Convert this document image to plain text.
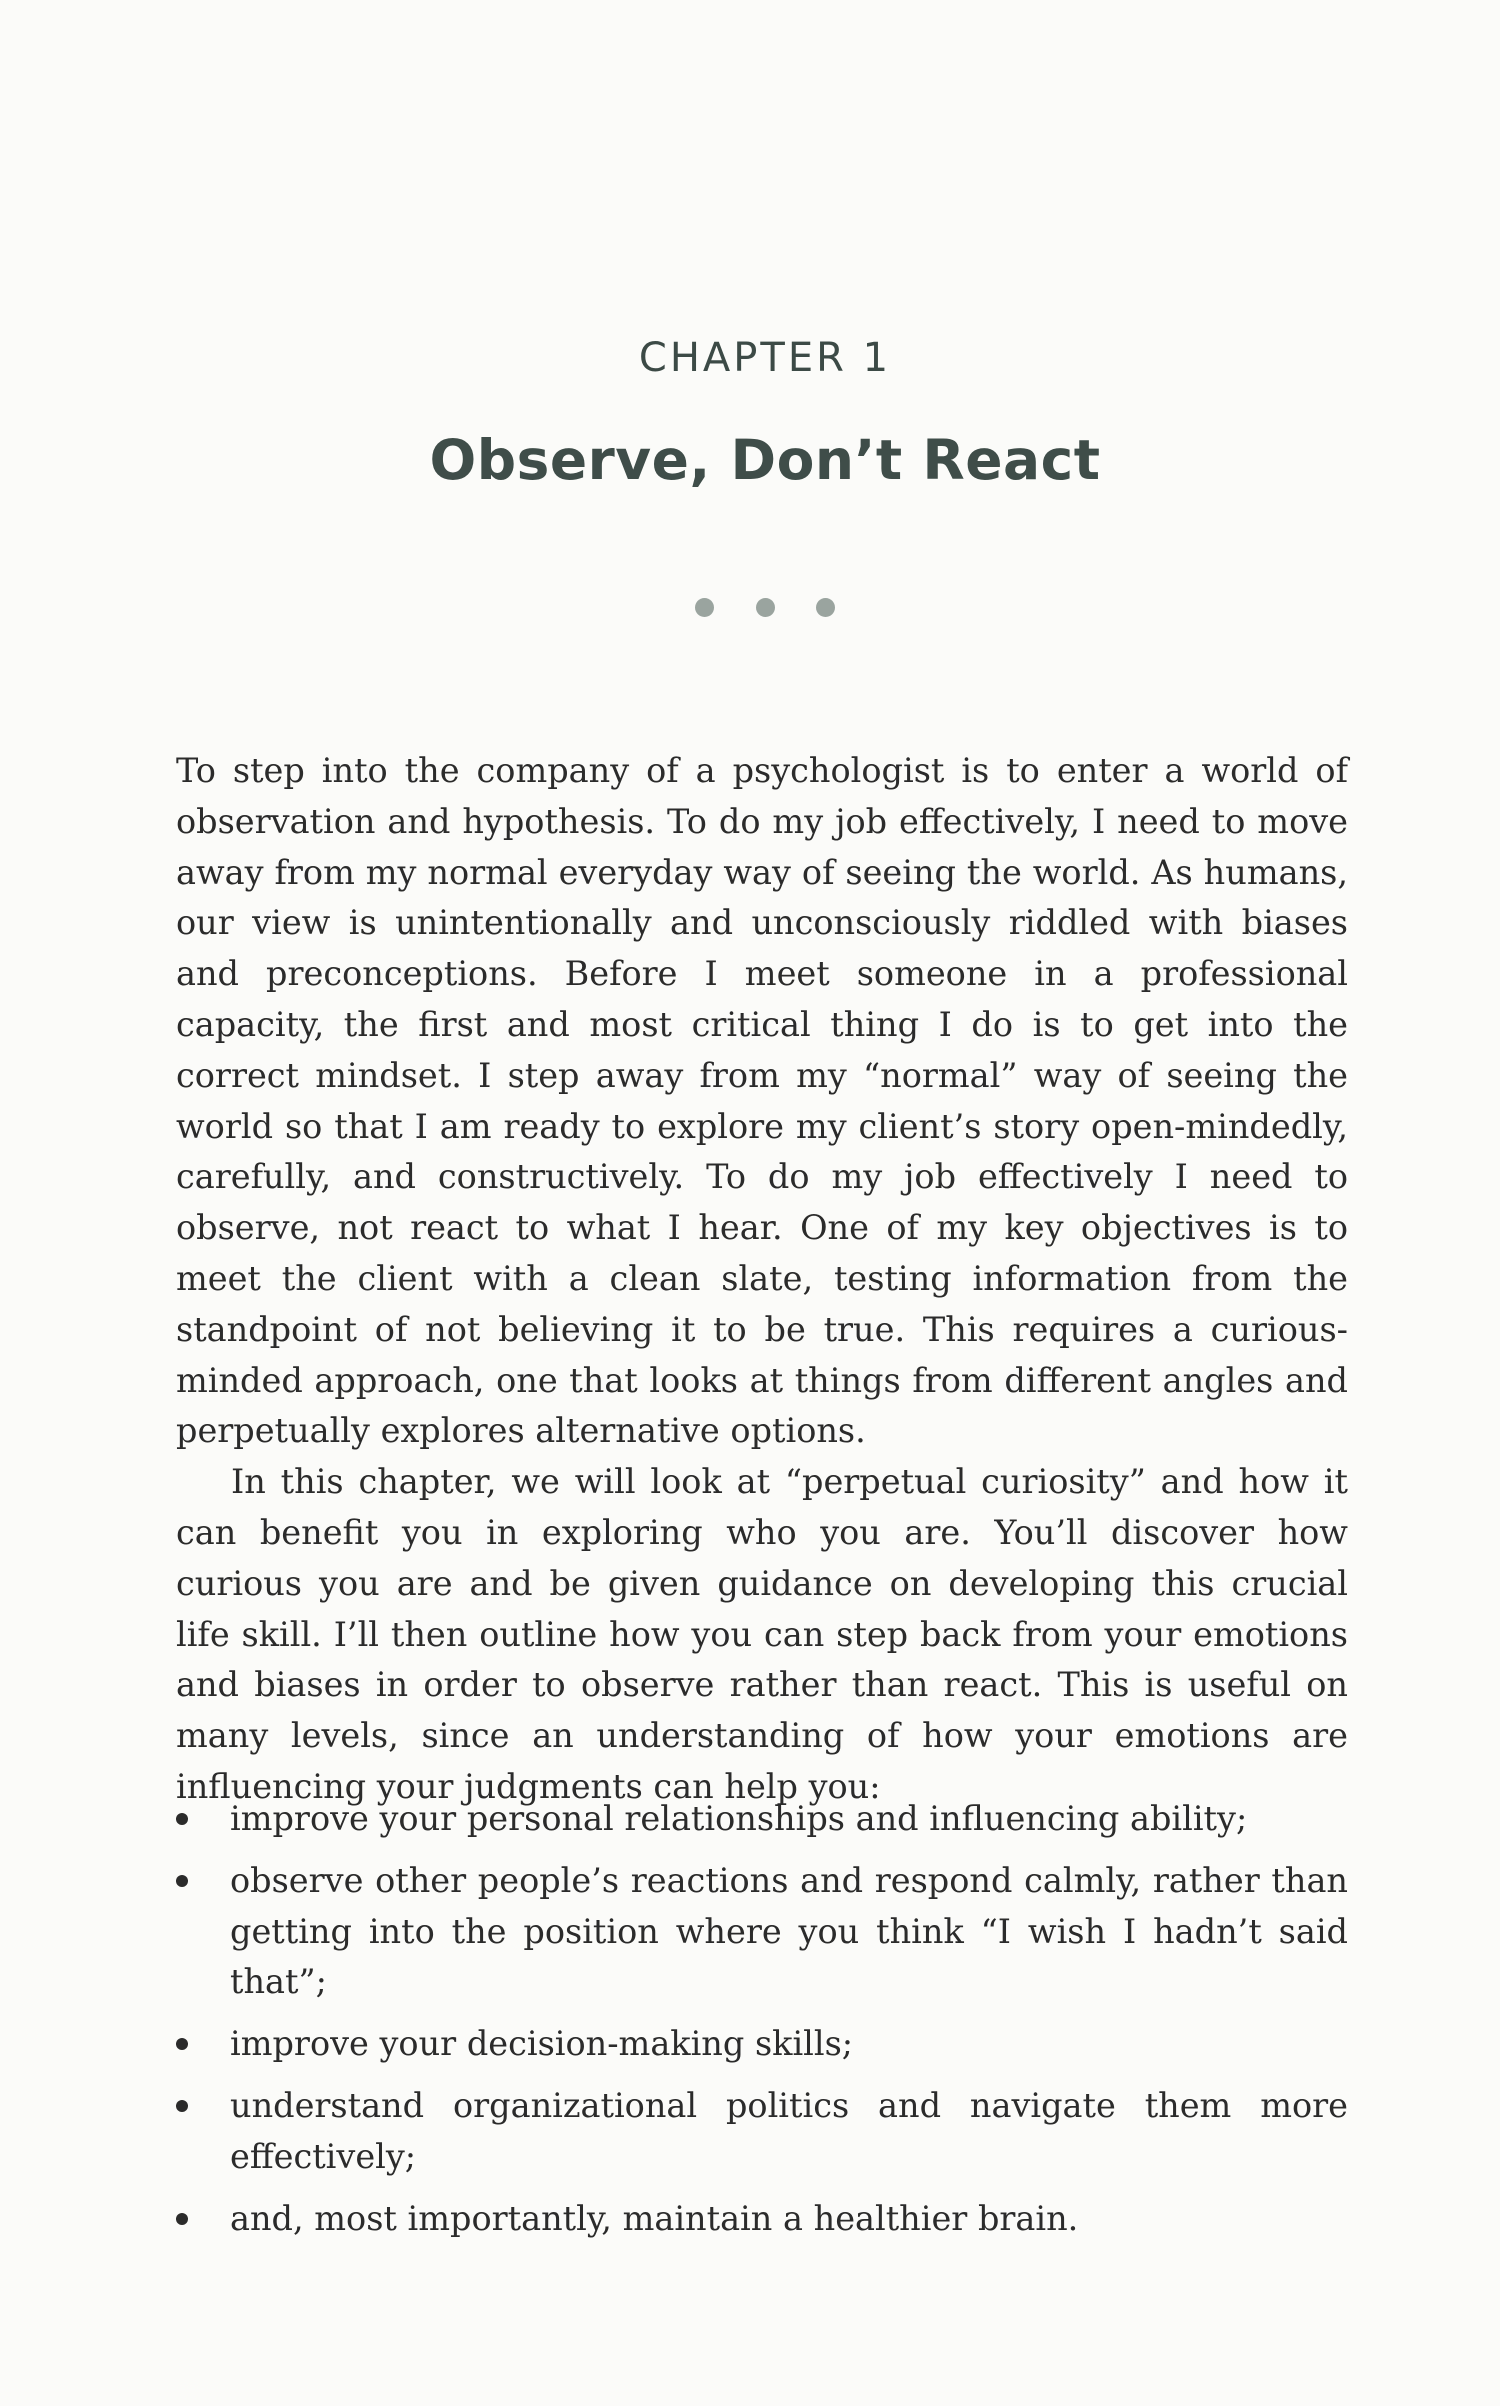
CHAPTER 1
Observe, Don’t React

To step into the company of a psychologist is to enter a world of observation and hypothesis. To do my job effectively, I need to move away from my normal everyday way of seeing the world. As humans, our view is unintentionally and unconsciously riddled with biases and preconceptions. Before I meet someone in a professional capacity, the first and most critical thing I do is to get into the correct mindset. I step away from my “normal” way of seeing the world so that I am ready to explore my client’s story open-mindedly, carefully, and constructively. To do my job effectively I need to observe, not react to what I hear. One of my key objectives is to meet the client with a clean slate, testing information from the standpoint of not believing it to be true. This requires a curious-minded approach, one that looks at things from different angles and perpetually explores alternative options.

In this chapter, we will look at “perpetual curiosity” and how it can benefit you in exploring who you are. You’ll discover how curious you are and be given guidance on developing this crucial life skill. I’ll then outline how you can step back from your emotions and biases in order to observe rather than react. This is useful on many levels, since an understanding of how your emotions are influencing your judgments can help you:

improve your personal relationships and influencing ability;
observe other people’s reactions and respond calmly, rather than getting into the position where you think “I wish I hadn’t said that”;
improve your decision-making skills;
understand organizational politics and navigate them more effectively;
and, most importantly, maintain a healthier brain.
